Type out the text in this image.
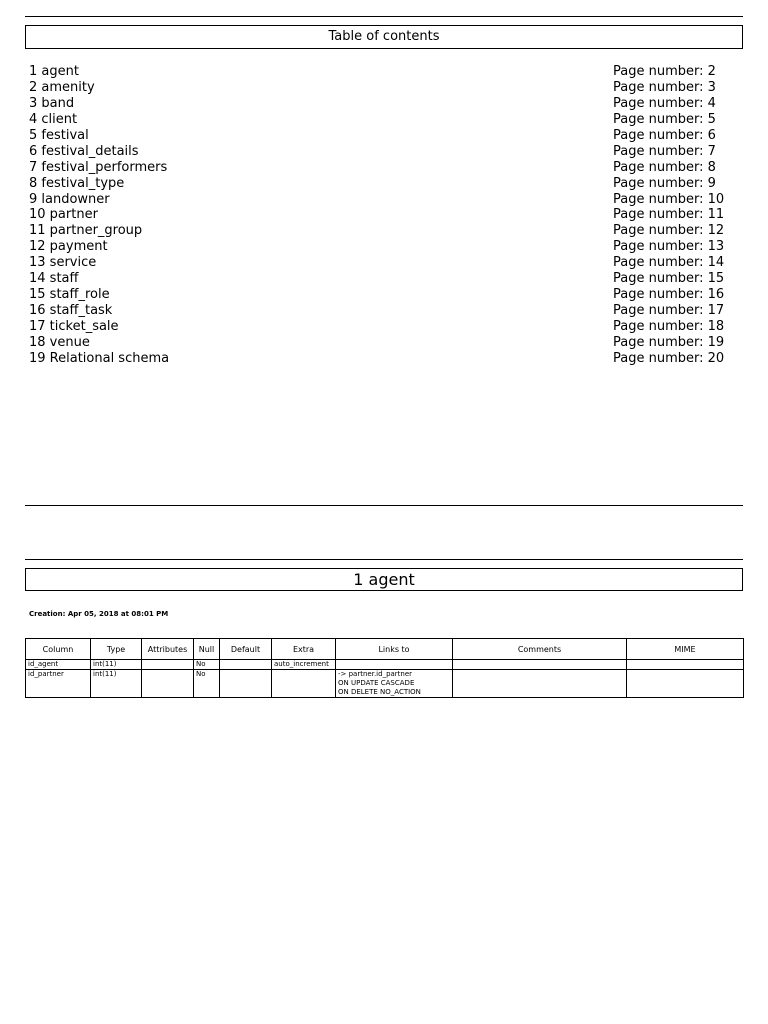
Table of contents
1 agent	Page number: 2
2 amenity	Page number: 3
3 band	Page number: 4
4 client	Page number: 5
5 festival	Page number: 6
6 festival_details	Page number: 7
7 festival_performers	Page number: 8
8 festival_type	Page number: 9
9 landowner	Page number: 10
10 partner	Page number: 11
11 partner_group	Page number: 12
12 payment	Page number: 13
13 service	Page number: 14
14 staff	Page number: 15
15 staff_role	Page number: 16
16 staff_task	Page number: 17
17 ticket_sale	Page number: 18
18 venue	Page number: 19
19 Relational schema	Page number: 20
1 agent
Creation: Apr 05, 2018 at 08:01 PM
Column	Type	Attributes	Null	Default	Extra	Links to	Comments	MIME
id_agent	int(11)		No		auto_increment			
id_partner	int(11)		No			-> partner.id_partner
ON UPDATE CASCADE
ON DELETE NO_ACTION		
